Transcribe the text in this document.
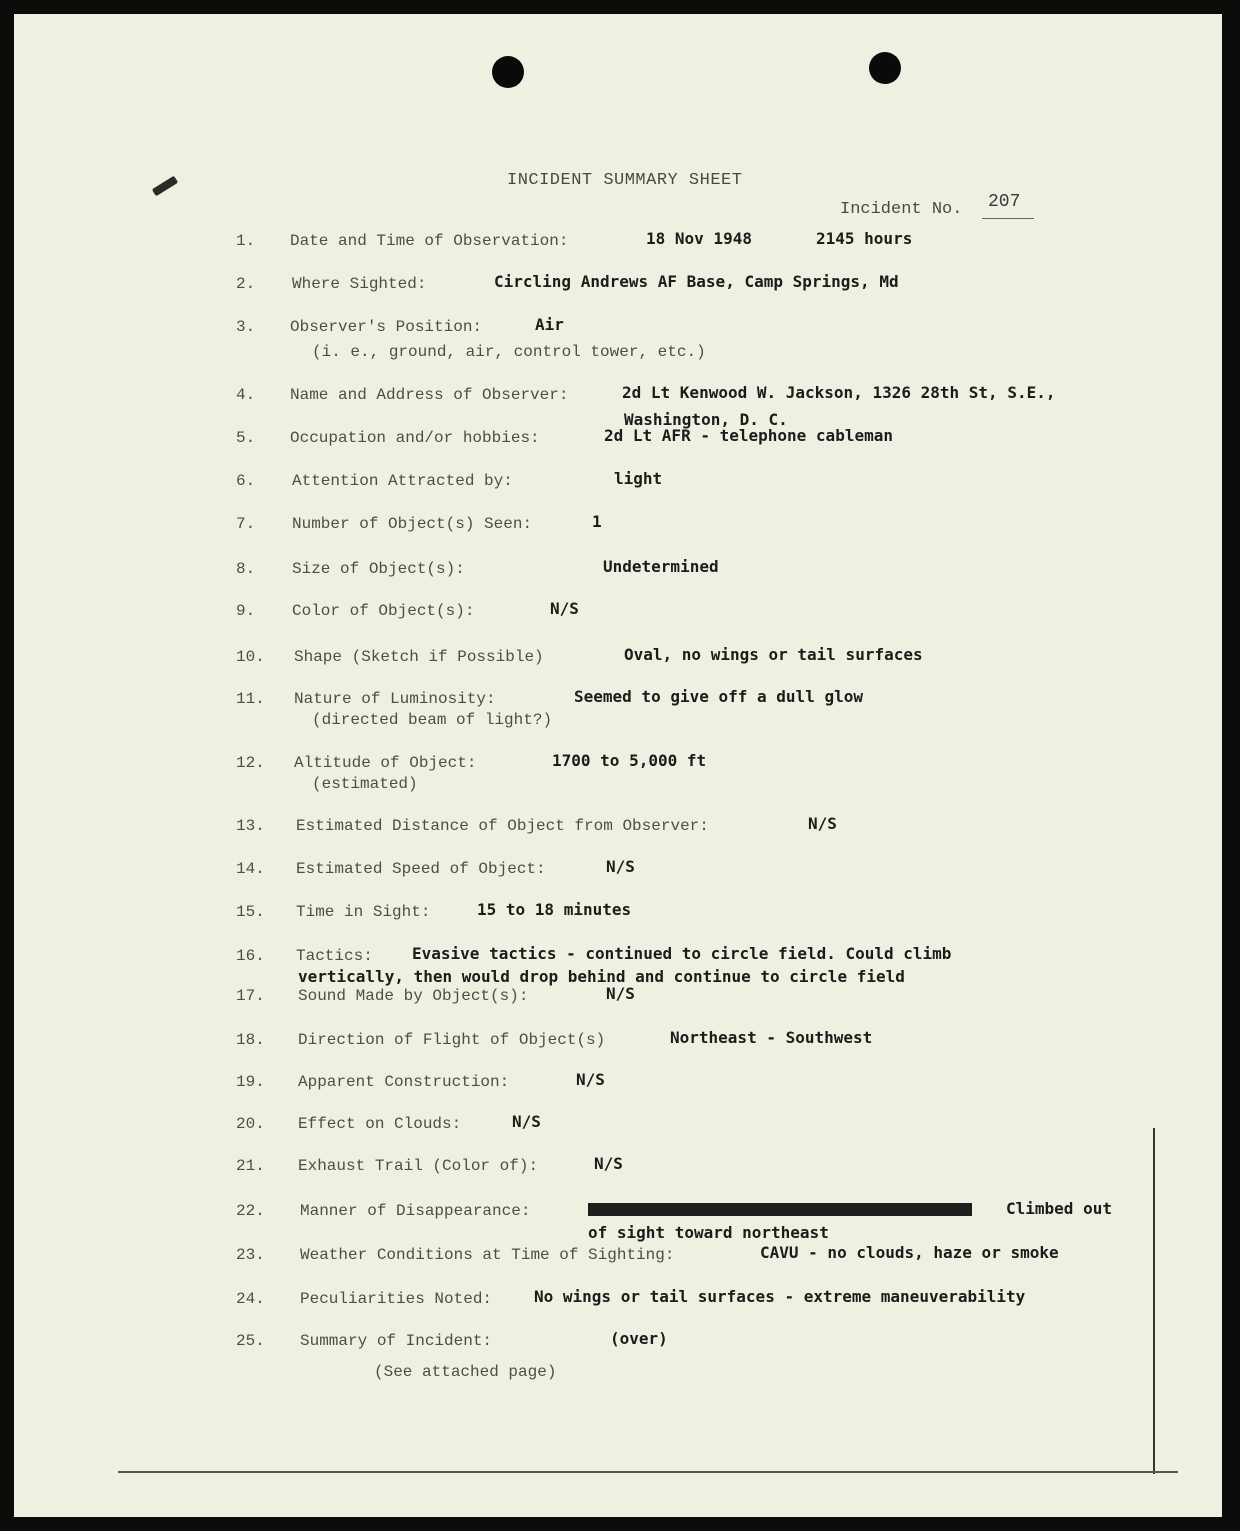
INCIDENT SUMMARY SHEET
Incident No. 207
1. Date and Time of Observation:	18 Nov 1948	2145 hours
2. Where Sighted:	Circling Andrews AF Base, Camp Springs, Md
3. Observer's Position:	Air
(i. e., ground, air, control tower, etc.)
4. Name and Address of Observer:	2d Lt Kenwood W. Jackson, 1326 28th St, S.E.,
Washington, D. C.
5. Occupation and/or hobbies:	2d Lt AFR - telephone cableman
6. Attention Attracted by:	light
7. Number of Object(s) Seen:	1
8. Size of Object(s):	Undetermined
9. Color of Object(s):	N/S
10. Shape (Sketch if Possible)	Oval, no wings or tail surfaces
11. Nature of Luminosity:	Seemed to give off a dull glow
(directed beam of light?)
12. Altitude of Object:	1700 to 5,000 ft
(estimated)
13. Estimated Distance of Object from Observer:	N/S
14. Estimated Speed of Object:	N/S
15. Time in Sight:	15 to 18 minutes
16. Tactics: Evasive tactics - continued to circle field. Could climb
vertically, then would drop behind and continue to circle field
17. Sound Made by Object(s):	N/S
18. Direction of Flight of Object(s)	Northeast - Southwest
19. Apparent Construction:	N/S
20. Effect on Clouds:	N/S
21. Exhaust Trail (Color of):	N/S
22. Manner of Disappearance:	Climbed out
of sight toward northeast
23. Weather Conditions at Time of Sighting:	CAVU - no clouds, haze or smoke
24. Peculiarities Noted:	No wings or tail surfaces - extreme maneuverability
25. Summary of Incident:	(over)
(See attached page)
